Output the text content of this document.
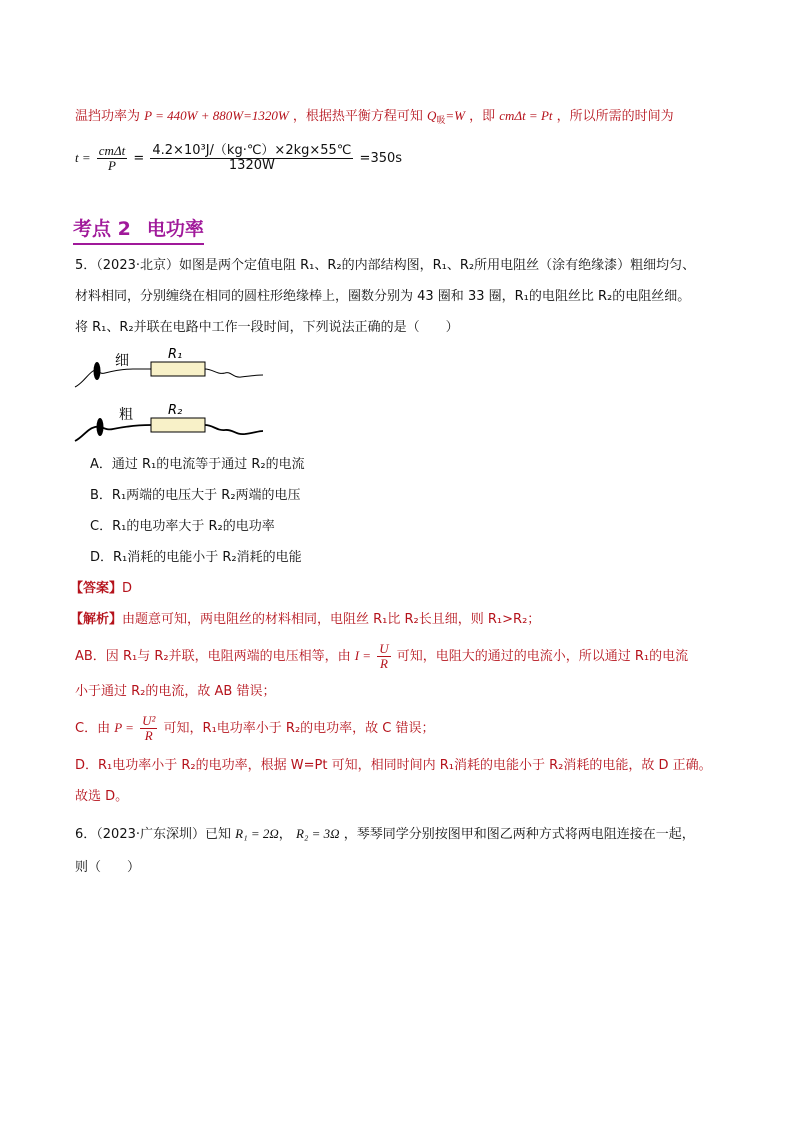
温挡功率为 P = 440W + 880W=1320W ，根据热平衡方程可知 $Q_吸=W$ ，即 cmΔt = Pt ，所以所需的时间为
$t = \frac{\text{cmΔt}}{P} = \frac{\text{4.2×10³J/（kg·℃）×2kg×55℃}}{1320W} =350s$
考点 2 电功率
5．（2023·北京）如图是两个定值电阻 R₁、R₂的内部结构图，R₁、R₂所用电阻丝（涂有绝缘漆）粗细均匀、
材料相同，分别缠绕在相同的圆柱形绝缘棒上，圈数分别为 43 圈和 33 圈，R₁的电阻丝比 R₂的电阻丝细。
将 R₁、R₂并联在电路中工作一段时间，下列说法正确的是（　　）
细	R₁
粗	R₂
A．通过 R₁的电流等于通过 R₂的电流
B．R₁两端的电压大于 R₂两端的电压
C．R₁的电功率大于 R₂的电功率
D．R₁消耗的电能小于 R₂消耗的电能
【答案】D
【解析】由题意可知，两电阻丝的材料相同，电阻丝 R₁比 R₂长且细，则 R₁>R₂；
AB．因 R₁与 R₂并联，电阻两端的电压相等，由 $I = \frac{U}{R}$ 可知，电阻大的通过的电流小，所以通过 R₁的电流
小于通过 R₂的电流，故 AB 错误；
C．由 $P = \frac{\text{U²}}{R}$ 可知，R₁电功率小于 R₂的电功率，故 C 错误；
D．R₁电功率小于 R₂的电功率，根据 W=Pt 可知，相同时间内 R₁消耗的电能小于 R₂消耗的电能，故 D 正确。
故选 D。
6．（2023·广东深圳）已知 R₁ = 2Ω， R₂ = 3Ω ，琴琴同学分别按图甲和图乙两种方式将两电阻连接在一起，
则（　　）
